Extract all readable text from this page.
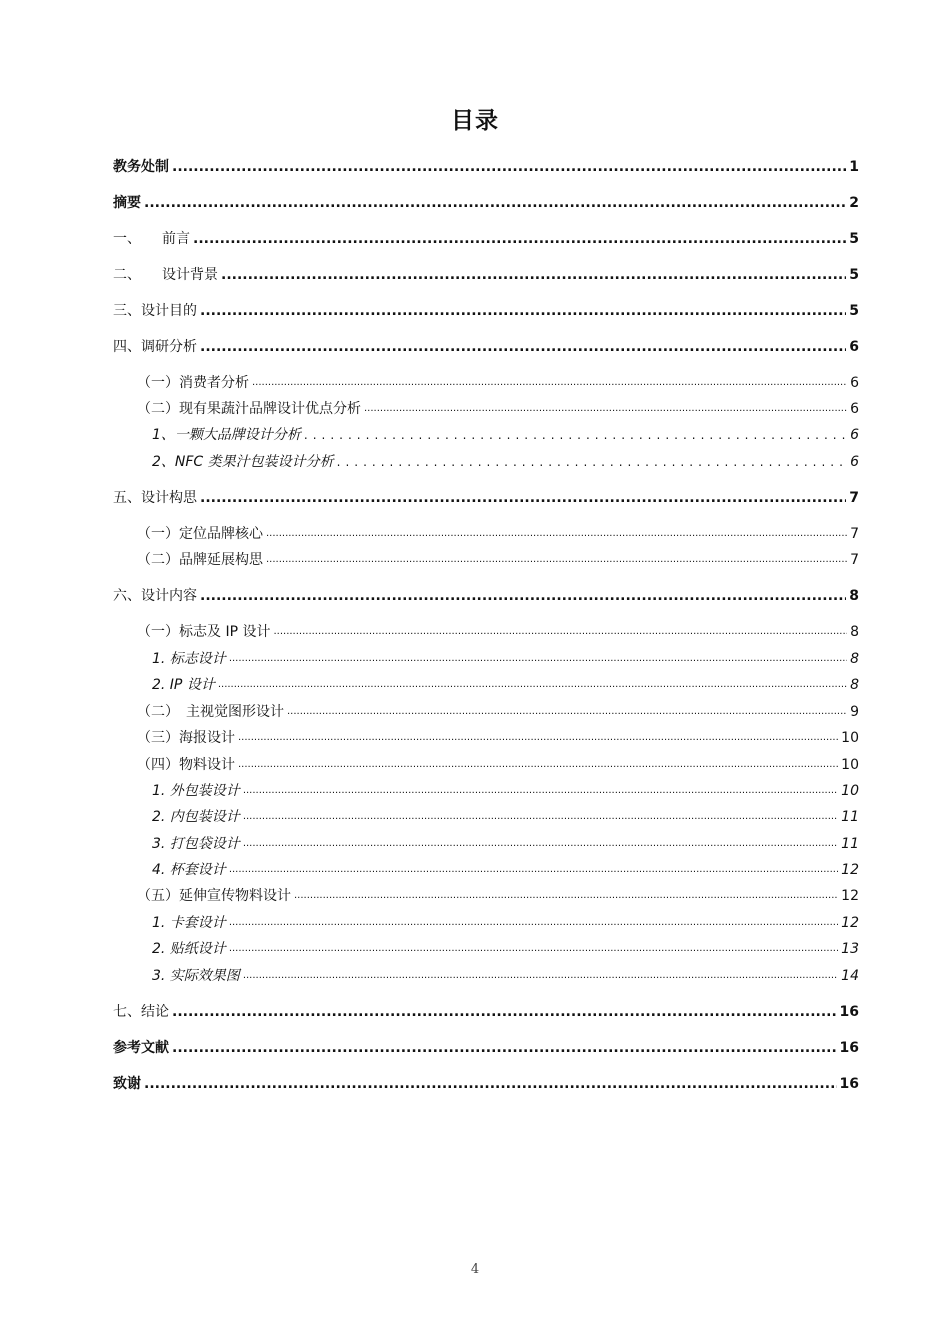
目录
教务处制 .....	1
摘要 .....	2
一、　　前言 .....	5
二、　　设计背景 .....	5
三、设计目的 .....	5
四、调研分析 .....	6
（一）消费者分析 .....	6
（二）现有果蔬汁品牌设计优点分析 .....	6
1、一颗大品牌设计分析 .....	6
2、NFC 类果汁包装设计分析 .....	6
五、设计构思 .....	7
（一）定位品牌核心 .....	7
（二）品牌延展构思 .....	7
六、设计内容 .....	8
（一）标志及 IP 设计 .....	8
1. 标志设计 .....	8
2. IP 设计 .....	8
（二）　主视觉图形设计 .....	9
（三）海报设计 .....	10
（四）物料设计 .....	10
1. 外包装设计 .....	10
2. 内包装设计 .....	11
3. 打包袋设计 .....	11
4. 杯套设计 .....	12
（五）延伸宣传物料设计 .....	12
1. 卡套设计 .....	12
2. 贴纸设计 .....	13
3. 实际效果图 .....	14
七、结论 .....	16
参考文献 .....	16
致谢 .....	16
4
